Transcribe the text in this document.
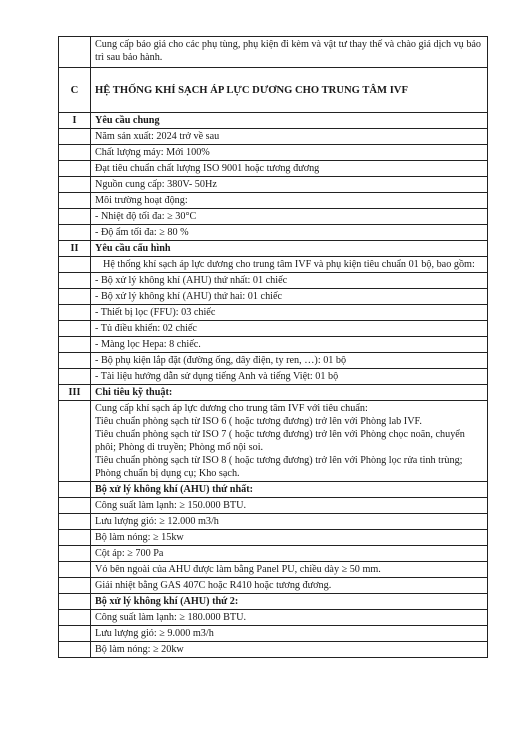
	Cung cấp báo giá cho các phụ tùng, phụ kiện đi kèm và vật tư thay thế và chào giá dịch vụ bảo trì sau bảo hành.
C	HỆ THỐNG KHÍ SẠCH ÁP LỰC DƯƠNG CHO TRUNG TÂM IVF
I	Yêu cầu chung
	Năm sản xuất: 2024 trở về sau
	Chất lượng máy: Mới 100%
	Đạt tiêu chuẩn chất lượng ISO 9001 hoặc tương đương
	Nguồn cung cấp: 380V- 50Hz
	Môi trường hoạt động:
	- Nhiệt độ tối đa: ≥ 30°C
	- Độ ẩm tối đa: ≥ 80 %
II	Yêu cầu cấu hình
	Hệ thống khí sạch áp lực dương cho trung tâm IVF và phụ kiện tiêu chuẩn 01 bộ, bao gồm:
	- Bộ xử lý không khí (AHU) thứ nhất: 01 chiếc
	- Bộ xử lý không khí (AHU) thứ hai: 01 chiếc
	- Thiết bị lọc (FFU): 03 chiếc
	- Tủ điều khiển: 02 chiếc
	- Màng lọc Hepa: 8 chiếc.
	- Bộ phụ kiện lắp đặt (đường ống, dây điện, ty ren, …): 01 bộ
	- Tài liệu hướng dẫn sử dụng tiếng Anh và tiếng Việt: 01 bộ
III	Chi tiêu kỹ thuật:

	Cung cấp khí sạch áp lực dương cho trung tâm IVF với tiêu chuẩn:
Tiêu chuẩn phòng sạch từ ISO 6 ( hoặc tương đương) trở lên với Phòng lab IVF.
Tiêu chuẩn phòng sạch từ ISO 7 ( hoặc tương đương) trở lên với Phòng chọc noãn, chuyển phôi; Phòng di truyền; Phòng mổ nội soi.
Tiêu chuẩn phòng sạch từ ISO 8 ( hoặc tương đương) trở lên với Phòng lọc rửa tinh trùng; Phòng chuẩn bị dụng cụ; Kho sạch.

	Bộ xử lý không khí (AHU) thứ nhất:
	Công suất làm lạnh: ≥ 150.000 BTU.
	Lưu lượng gió: ≥ 12.000 m3/h
	Bộ làm nóng: ≥ 15kw
	Cột áp: ≥ 700 Pa
	Vỏ bên ngoài của AHU được làm bằng Panel PU, chiều dày ≥ 50 mm.
	Giải nhiệt bằng GAS 407C hoặc R410 hoặc tương đương.
	Bộ xử lý không khí (AHU) thứ 2:
	Công suất làm lạnh: ≥ 180.000 BTU.
	Lưu lượng gió: ≥ 9.000 m3/h
	Bộ làm nóng: ≥ 20kw
